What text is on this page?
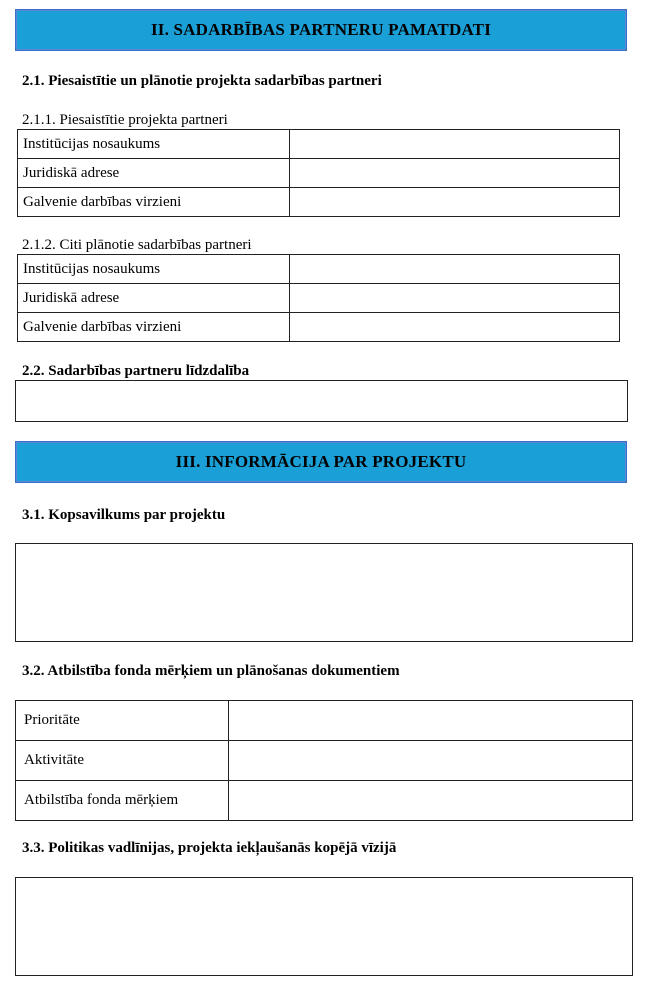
II. SADARBĪBAS PARTNERU PAMATDATI
2.1. Piesaistītie un plānotie projekta sadarbības partneri
2.1.1. Piesaistītie projekta partneri
Institūcijas nosaukums	
Juridiskā adrese	
Galvenie darbības virzieni	
2.1.2. Citi plānotie sadarbības partneri
Institūcijas nosaukums	
Juridiskā adrese	
Galvenie darbības virzieni	
2.2. Sadarbības partneru līdzdalība
III. INFORMĀCIJA PAR PROJEKTU
3.1. Kopsavilkums par projektu
3.2. Atbilstība fonda mērķiem un plānošanas dokumentiem
Prioritāte	
Aktivitāte	
Atbilstība fonda mērķiem	
3.3. Politikas vadlīnijas, projekta iekļaušanās kopējā vīzijā
